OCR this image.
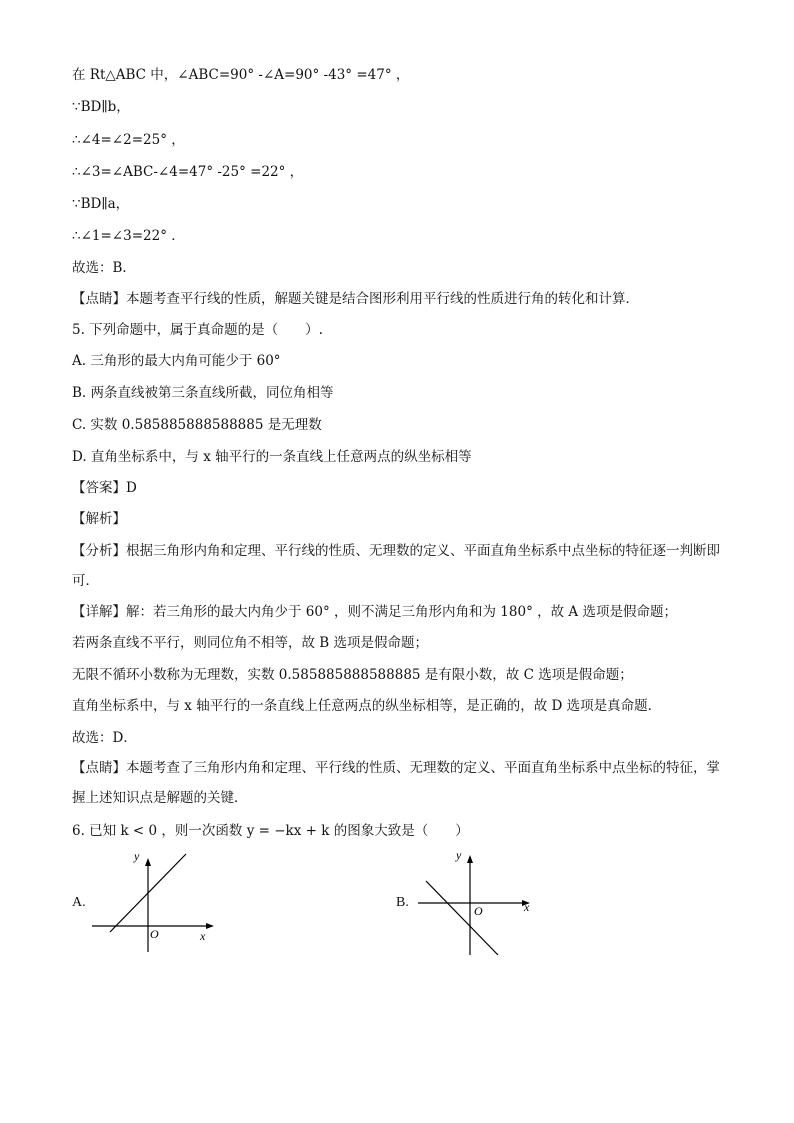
在 Rt△ABC 中，∠ABC=90° -∠A=90° -43° =47° ，
∵BD∥b，
∴∠4=∠2=25° ，
∴∠3=∠ABC-∠4=47° -25° =22° ，
∵BD∥a，
∴∠1=∠3=22° ．
故选：B．
【点睛】本题考查平行线的性质，解题关键是结合图形利用平行线的性质进行角的转化和计算．
5. 下列命题中，属于真命题的是（　　）.
A. 三角形的最大内角可能少于 60°
B. 两条直线被第三条直线所截，同位角相等
C. 实数 0.585885888588885 是无理数
D. 直角坐标系中，与 x 轴平行的一条直线上任意两点的纵坐标相等
【答案】D
【解析】
【分析】根据三角形内角和定理、平行线的性质、无理数的定义、平面直角坐标系中点坐标的特征逐一判断即可．
【详解】解：若三角形的最大内角少于 60° ，则不满足三角形内角和为 180° ，故 A 选项是假命题；
若两条直线不平行，则同位角不相等，故 B 选项是假命题；
无限不循环小数称为无理数，实数 0.585885888588885 是有限小数，故 C 选项是假命题；
直角坐标系中，与 x 轴平行的一条直线上任意两点的纵坐标相等，是正确的，故 D 选项是真命题．
故选：D．
【点睛】本题考查了三角形内角和定理、平行线的性质、无理数的定义、平面直角坐标系中点坐标的特征，掌握上述知识点是解题的关键．
6. 已知 k < 0 ，则一次函数 y = −kx + k 的图象大致是（　　）
A.
y
x
O
B.
y
x
O
